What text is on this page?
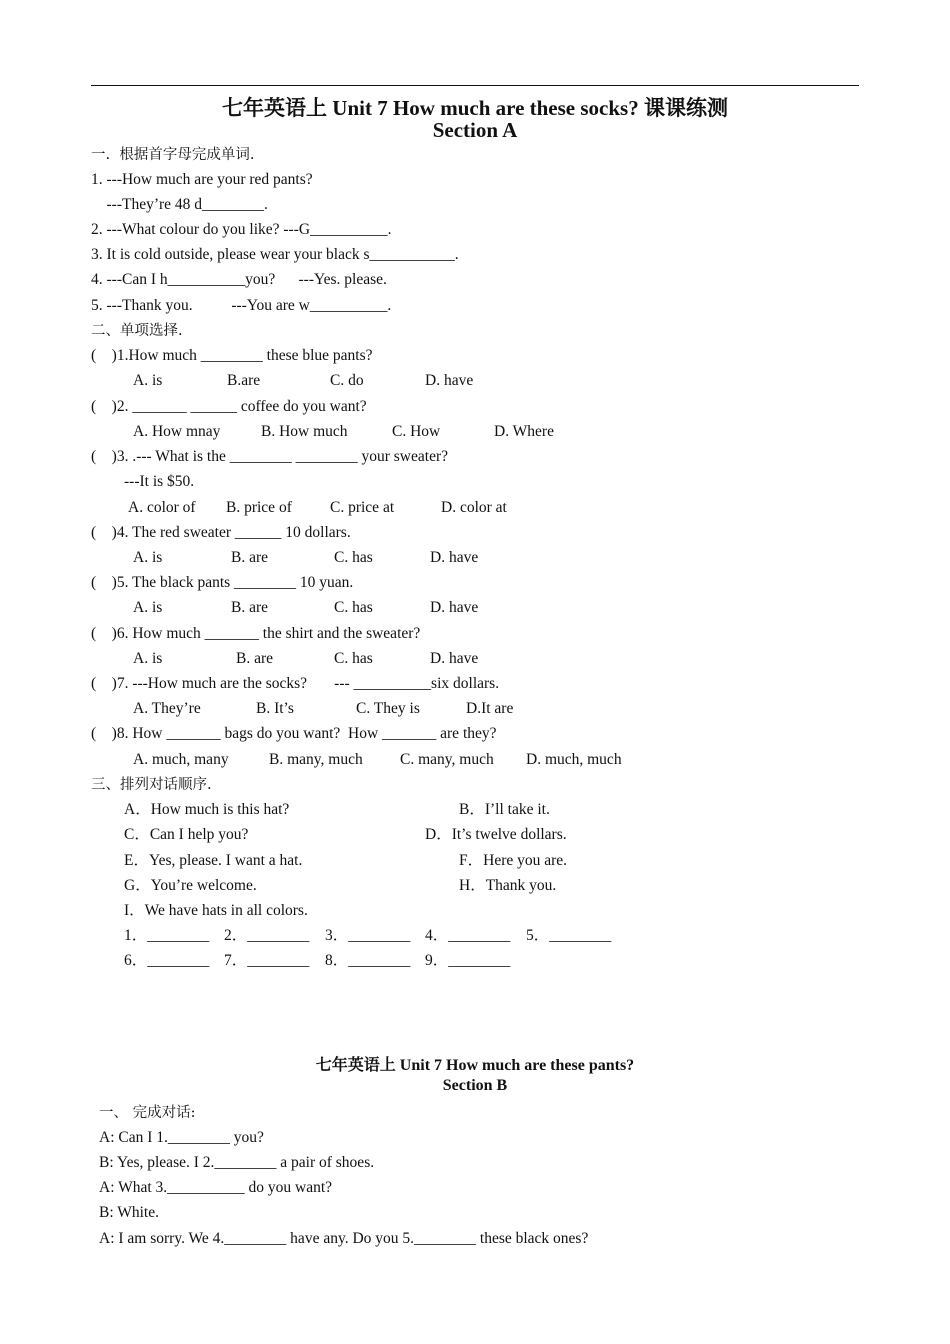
七年英语上 Unit 7 How much are these socks? 课课练测
Section A
一.  根据首字母完成单词.
1. ---How much are your red pants?
---They’re 48 d________.
2. ---What colour do you like? ---G__________.
3. It is cold outside, please wear your black s___________.
4. ---Can I h__________you?      ---Yes. please.
5. ---Thank you.          ---You are w__________.
二、单项选择.
(    )1.How much ________ these blue pants?
A. is	B.are	C. do	D. have
(    )2. _______ ______ coffee do you want?
A. How mnay	B. How much	C. How	D. Where
(    )3. .--- What is the ________ ________ your sweater?
---It is $50.
A. color of B. price of C. price at	D. color at
(    )4. The red sweater ______ 10 dollars.
A. is	B. are	C. has	D. have
(    )5. The black pants ________ 10 yuan.
A. is	B. are	C. has	D. have
(    )6. How much _______ the shirt and the sweater?
A. is	B. are	C. has	D. have
(    )7. ---How much are the socks?       --- __________six dollars.
A. They’re	B. It’s	C. They is	D.It are
(    )8. How _______ bags do you want?  How _______ are they?
A. much, many	B. many, much C. many, much D. much, much
三、排列对话顺序.
A．How much is this hat?	B．I’ll take it.
C．Can I help you?	D．It’s twelve dollars.
E．Yes, please. I want a hat.	F．Here you are.
G．You’re welcome.	H．Thank you.
I．We have hats in all colors.
1．________ 2．________ 3．________ 4．________ 5．________
6．________ 7．________ 8．________ 9．________
七年英语上 Unit 7 How much are these pants?
Section B
一、 完成对话:
A: Can I 1.________ you?
B: Yes, please. I 2.________ a pair of shoes.
A: What 3.__________ do you want?
B: White.
A: I am sorry. We 4.________ have any. Do you 5.________ these black ones?
